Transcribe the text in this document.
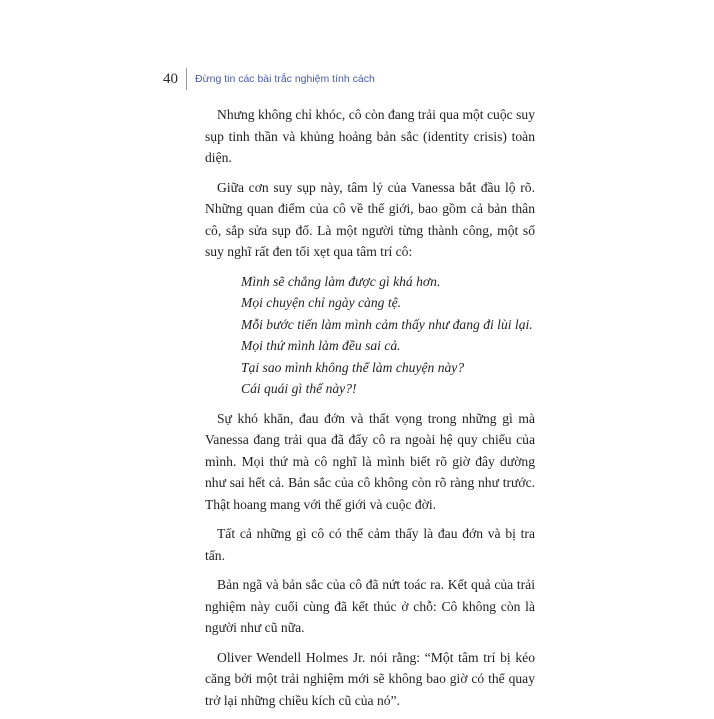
40	Đừng tin các bài trắc nghiệm tính cách

Nhưng không chỉ khóc, cô còn đang trải qua một cuộc suy sụp tinh thần và khủng hoảng bản sắc (identity crisis) toàn diện.

Giữa cơn suy sụp này, tâm lý của Vanessa bắt đầu lộ rõ. Những quan điểm của cô về thế giới, bao gồm cả bản thân cô, sắp sửa sụp đổ. Là một người từng thành công, một số suy nghĩ rất đen tối xẹt qua tâm trí cô:

Mình sẽ chẳng làm được gì khá hơn.
Mọi chuyện chỉ ngày càng tệ.
Mỗi bước tiến làm mình cảm thấy như đang đi lùi lại.
Mọi thứ mình làm đều sai cả.
Tại sao mình không thể làm chuyện này?
Cái quái gì thế này?!

Sự khó khăn, đau đớn và thất vọng trong những gì mà Vanessa đang trải qua đã đẩy cô ra ngoài hệ quy chiếu của mình. Mọi thứ mà cô nghĩ là mình biết rõ giờ đây dường như sai hết cả. Bản sắc của cô không còn rõ ràng như trước. Thật hoang mang với thế giới và cuộc đời.

Tất cả những gì cô có thể cảm thấy là đau đớn và bị tra tấn.

Bản ngã và bản sắc của cô đã nứt toác ra. Kết quả của trải nghiệm này cuối cùng đã kết thúc ở chỗ: Cô không còn là người như cũ nữa.

Oliver Wendell Holmes Jr. nói rằng: “Một tâm trí bị kéo căng bởi một trải nghiệm mới sẽ không bao giờ có thể quay trở lại những chiều kích cũ của nó”.
